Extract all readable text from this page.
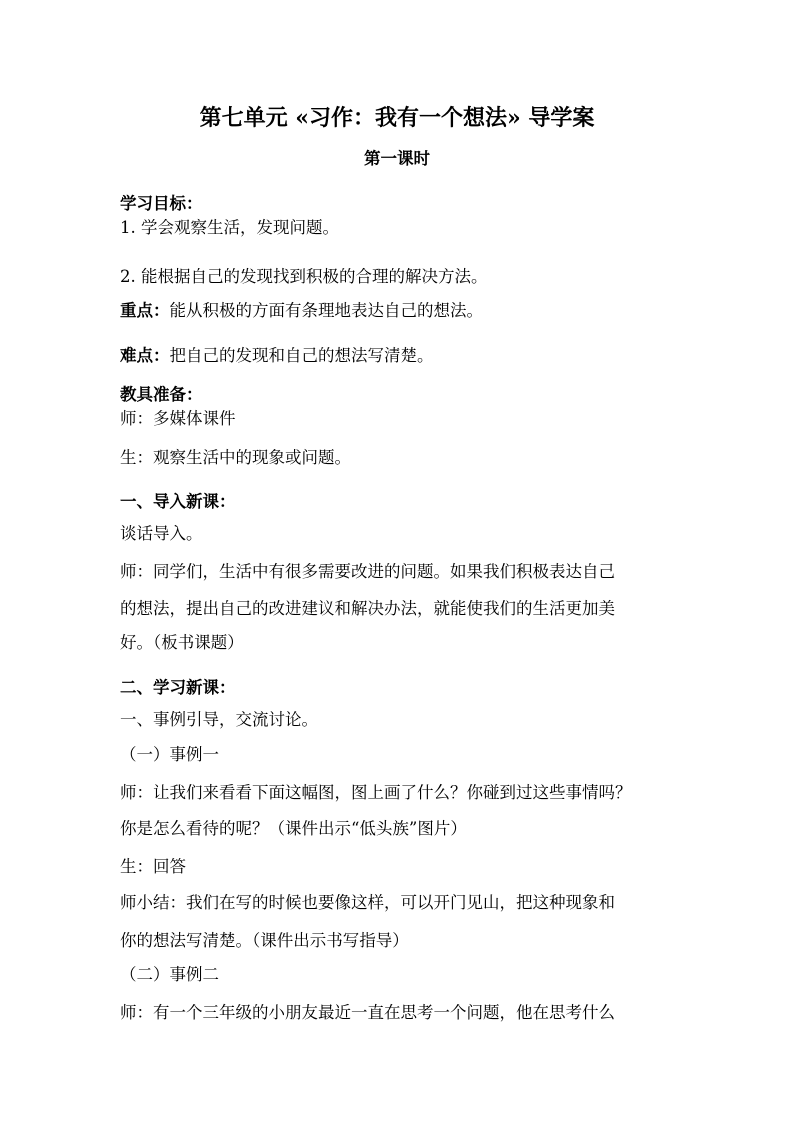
第七单元 «习作：我有一个想法» 导学案
第一课时
学习目标：
1. 学会观察生活，发现问题。
2. 能根据自己的发现找到积极的合理的解决方法。
重点：能从积极的方面有条理地表达自己的想法。
难点：把自己的发现和自己的想法写清楚。
教具准备：
师：多媒体课件
生：观察生活中的现象或问题。
一、导入新课：
谈话导入。
师：同学们，生活中有很多需要改进的问题。如果我们积极表达自己
的想法，提出自己的改进建议和解决办法，就能使我们的生活更加美
好。（板书课题）
二、学习新课：
一、事例引导，交流讨论。
（一）事例一
师：让我们来看看下面这幅图，图上画了什么？你碰到过这些事情吗？
你是怎么看待的呢？（课件出示“低头族”图片）
生：回答
师小结：我们在写的时候也要像这样，可以开门见山，把这种现象和
你的想法写清楚。（课件出示书写指导）
（二）事例二
师：有一个三年级的小朋友最近一直在思考一个问题，他在思考什么
